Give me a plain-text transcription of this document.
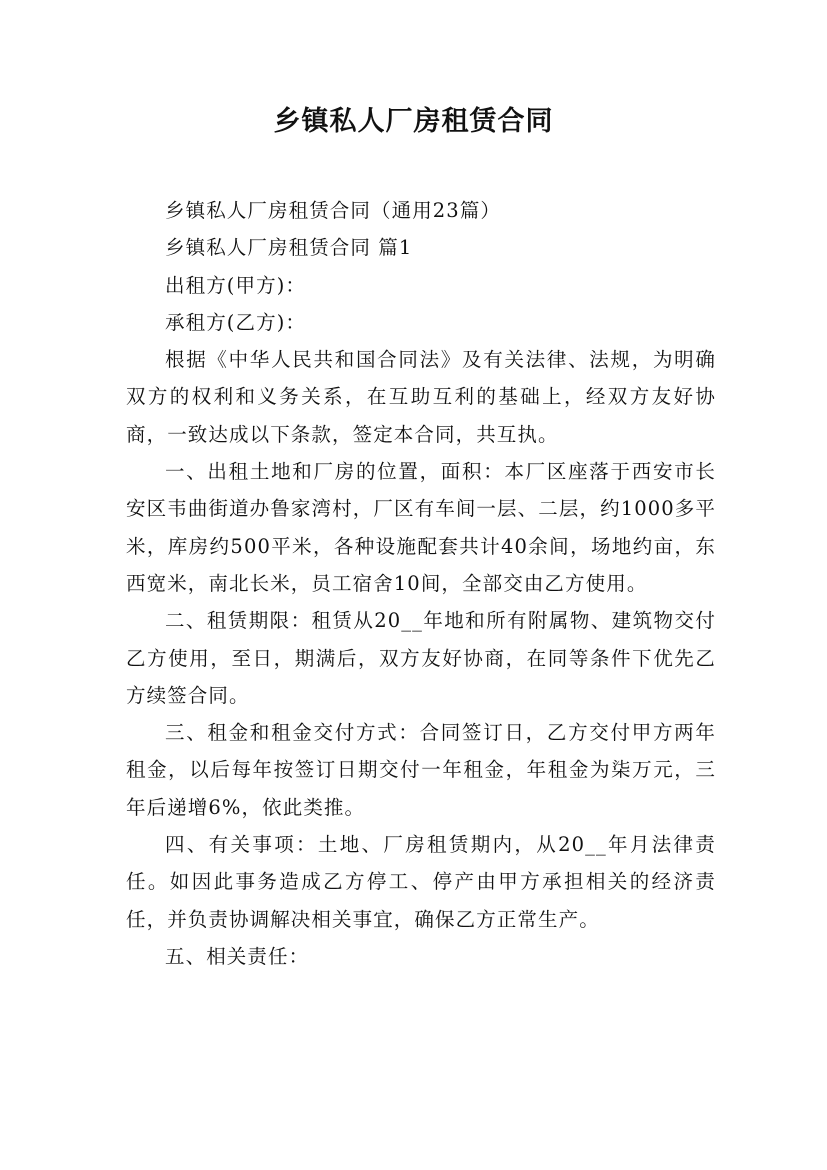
乡镇私人厂房租赁合同

乡镇私人厂房租赁合同（通用23篇）

乡镇私人厂房租赁合同 篇1

出租方(甲方)：

承租方(乙方)：

根据《中华人民共和国合同法》及有关法律、法规，为明确双方的权利和义务关系，在互助互利的基础上，经双方友好协商，一致达成以下条款，签定本合同，共互执。

一、出租土地和厂房的位置，面积：本厂区座落于西安市长安区韦曲街道办鲁家湾村，厂区有车间一层、二层，约1000多平米，库房约500平米，各种设施配套共计40余间，场地约亩，东西宽米，南北长米，员工宿舍10间，全部交由乙方使用。

二、租赁期限：租赁从20__年地和所有附属物、建筑物交付乙方使用，至日，期满后，双方友好协商，在同等条件下优先乙方续签合同。

三、租金和租金交付方式：合同签订日，乙方交付甲方两年租金，以后每年按签订日期交付一年租金，年租金为柒万元，三年后递增6%，依此类推。

四、有关事项：土地、厂房租赁期内，从20__年月法律责任。如因此事务造成乙方停工、停产由甲方承担相关的经济责任，并负责协调解决相关事宜，确保乙方正常生产。

五、相关责任：
